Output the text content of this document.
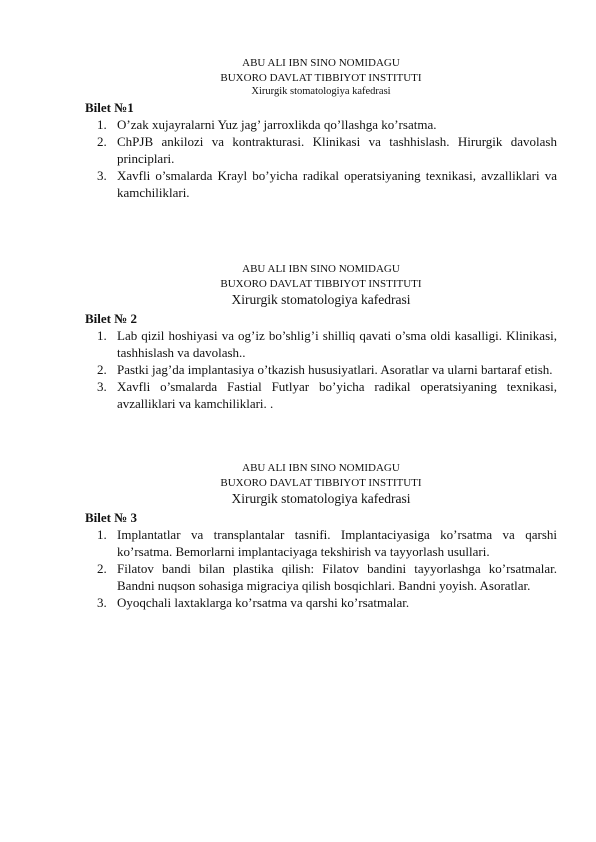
ABU ALI IBN SINO NOMIDAGU
BUXORO DAVLAT TIBBIYOT INSTITUTI
Xirurgik stomatologiya kafedrasi
Bilet №1
1. O’zak xujayralarni Yuz jag’ jarroxlikda qo’llashga ko’rsatma.
2. ChPJB ankilozi va kontrakturasi. Klinikasi va tashhislash. Hirurgik davolash principlari.
3. Xavfli o’smalarda Krayl bo’yicha radikal operatsiyaning texnikasi, avzalliklari va kamchiliklari.
ABU ALI IBN SINO NOMIDAGU
BUXORO DAVLAT TIBBIYOT INSTITUTI
Xirurgik stomatologiya kafedrasi
Bilet № 2
1. Lab qizil hoshiyasi va og’iz bo’shlig’i shilliq qavati o’sma oldi kasalligi. Klinikasi, tashhislash va davolash..
2. Pastki jag’da implantasiya o’tkazish hususiyatlari. Asoratlar va ularni bartaraf etish.
3. Xavfli o’smalarda Fastial Futlyar bo’yicha radikal operatsiyaning texnikasi, avzalliklari va kamchiliklari. .
ABU ALI IBN SINO NOMIDAGU
BUXORO DAVLAT TIBBIYOT INSTITUTI
Xirurgik stomatologiya kafedrasi
Bilet № 3
1. Implantatlar va transplantalar tasnifi. Implantaciyasiga ko’rsatma va qarshi ko’rsatma. Bemorlarni implantaciyaga tekshirish va tayyorlash usullari.
2. Filatov bandi bilan plastika qilish: Filatov bandini tayyorlashga ko’rsatmalar. Bandni nuqson sohasiga migraciya qilish bosqichlari. Bandni yoyish. Asoratlar.
3. Oyoqchali laxtaklarga ko’rsatma va qarshi ko’rsatmalar.
